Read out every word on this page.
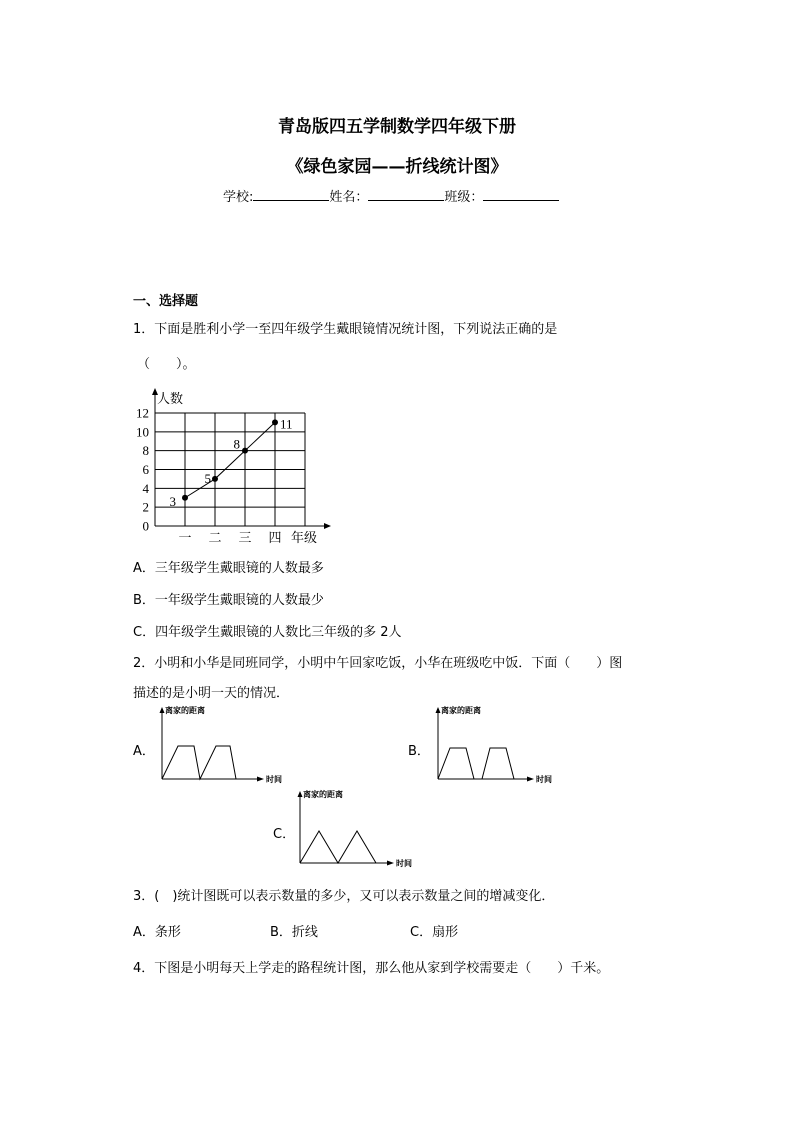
青岛版四五学制数学四年级下册
《绿色家园——折线统计图》
学校:	姓名：	班级：
一、选择题
1．下面是胜利小学一至四年级学生戴眼镜情况统计图，下列说法正确的是
（　　）。
0
2
4
6
8
10
12
人数
年级
一 二 三 四
3
5
8
11
A．三年级学生戴眼镜的人数最多
B．一年级学生戴眼镜的人数最少
C．四年级学生戴眼镜的人数比三年级的多 2人
2．小明和小华是同班同学，小明中午回家吃饭，小华在班级吃中饭．下面（　　）图
描述的是小明一天的情况．
A．
离家的距离
时间
B．
离家的距离
时间
C．
离家的距离
时间
3．(　)统计图既可以表示数量的多少，又可以表示数量之间的增减变化．
A．条形	B．折线	C．扇形
4．下图是小明每天上学走的路程统计图，那么他从家到学校需要走（　　）千米。
